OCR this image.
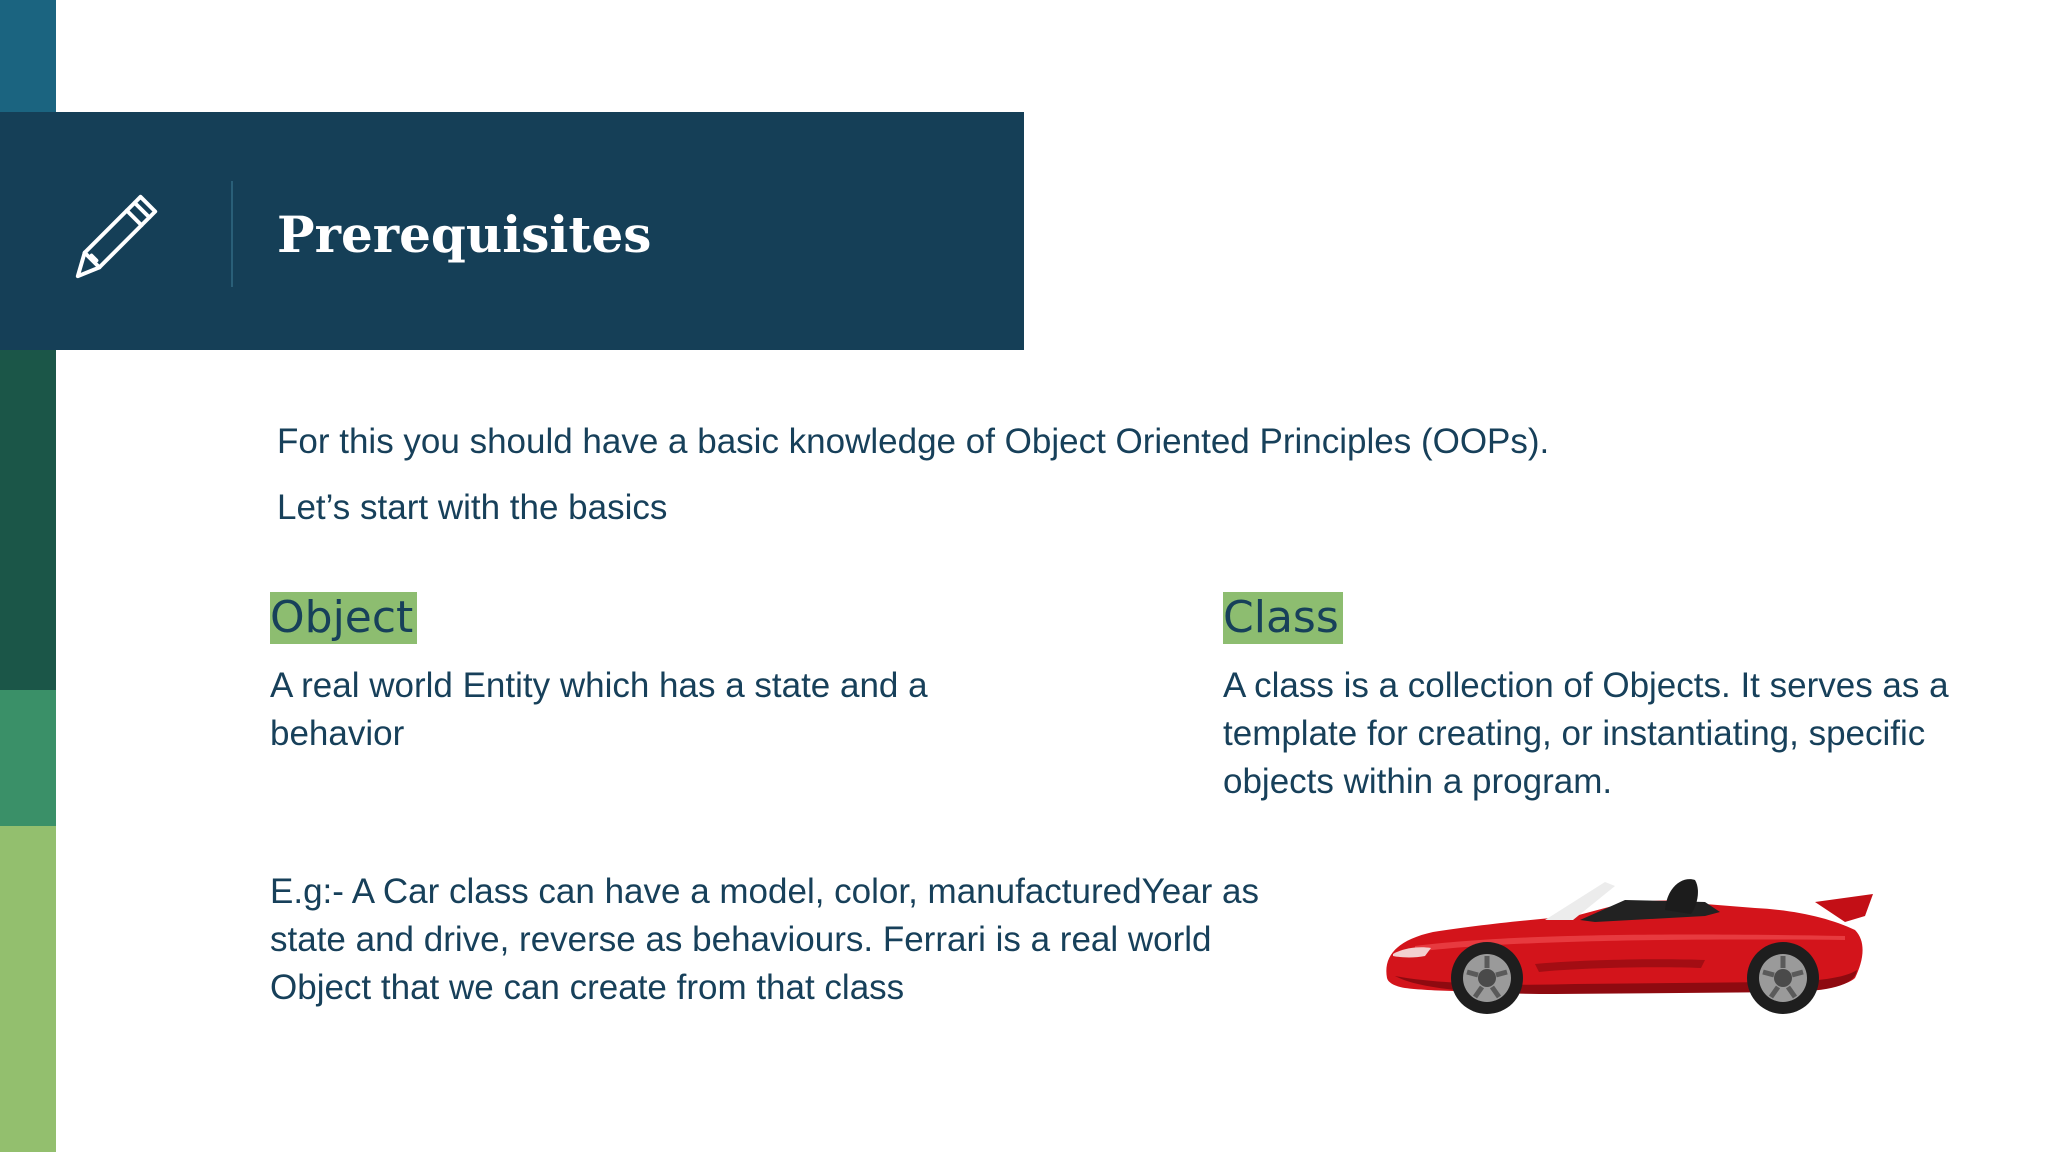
Prerequisites
For this you should have a basic knowledge of Object Oriented Principles (OOPs).
Let’s start with the basics
Object
A real world Entity which has a state and a behavior
Class
A class is a collection of Objects. It serves as a template for creating, or instantiating, specific objects within a program.
E.g:- A Car class can have a model, color, manufacturedYear as state and drive, reverse as behaviours. Ferrari is a real world Object that we can create from that class
